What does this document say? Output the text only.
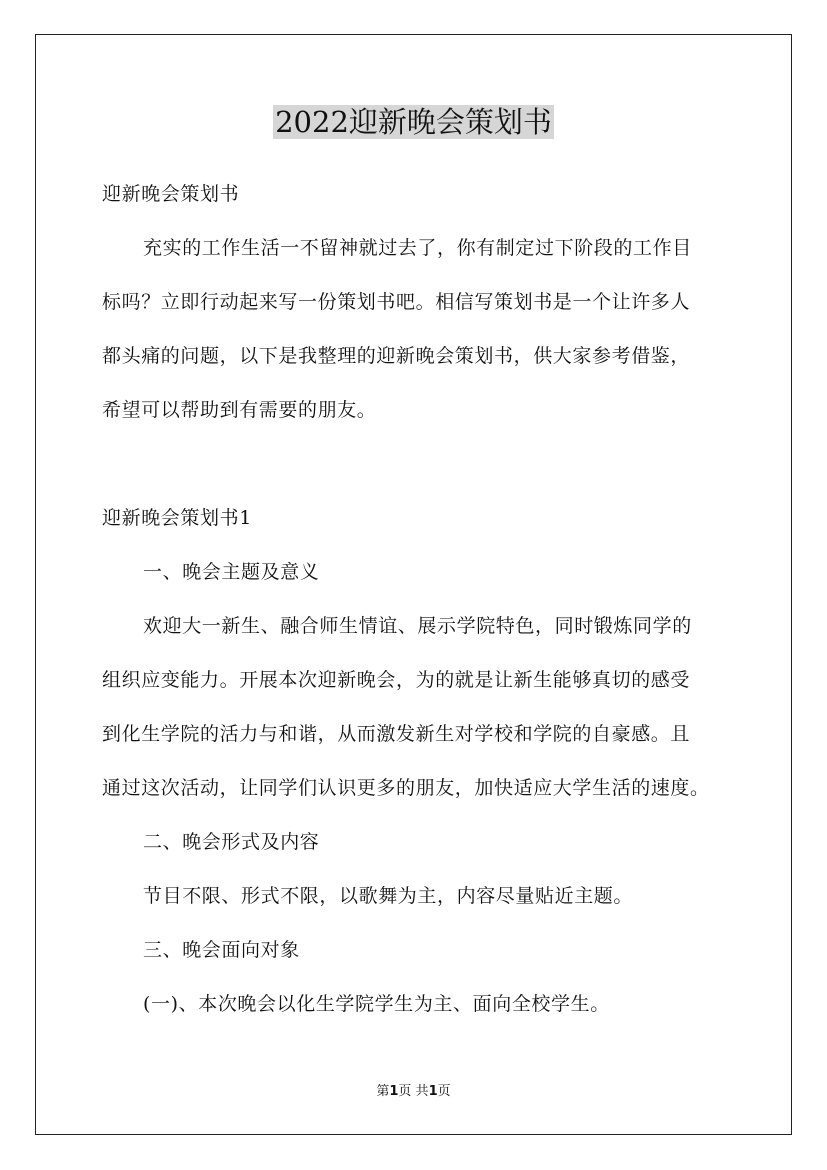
2022迎新晚会策划书
迎新晚会策划书
充实的工作生活一不留神就过去了，你有制定过下阶段的工作目
标吗？立即行动起来写一份策划书吧。相信写策划书是一个让许多人
都头痛的问题，以下是我整理的迎新晚会策划书，供大家参考借鉴，
希望可以帮助到有需要的朋友。
迎新晚会策划书1
一、晚会主题及意义
欢迎大一新生、融合师生情谊、展示学院特色，同时锻炼同学的
组织应变能力。开展本次迎新晚会，为的就是让新生能够真切的感受
到化生学院的活力与和谐，从而激发新生对学校和学院的自豪感。且
通过这次活动，让同学们认识更多的朋友，加快适应大学生活的速度。
二、晚会形式及内容
节目不限、形式不限，以歌舞为主，内容尽量贴近主题。
三、晚会面向对象
(一)、本次晚会以化生学院学生为主、面向全校学生。
第1页 共1页
